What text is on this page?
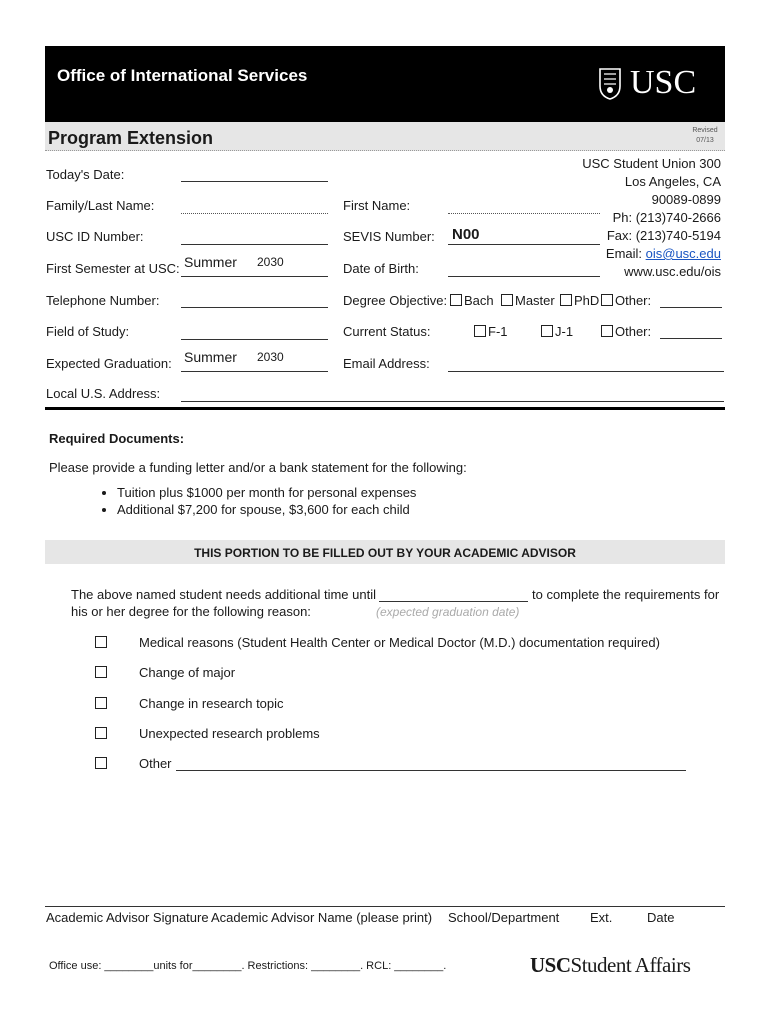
Office of International Services	USC
Program Extension	Revised
07/13
USC Student Union 300
Los Angeles, CA
90089-0899
Ph: (213)740-2666
Fax: (213)740-5194
Email: ois@usc.edu
www.usc.edu/ois
Today's Date:
Family/Last Name:	First Name:
USC ID Number:	SEVIS Number: N00
First Semester at USC: Summer 2030	Date of Birth:
Telephone Number:	Degree Objective:	Bach	Master	PhD	Other:
Field of Study:	Current Status:	F-1	J-1	Other:
Expected Graduation: Summer 2030	Email Address:
Local U.S. Address:
Required Documents:
Please provide a funding letter and/or a bank statement for the following:
• Tuition plus $1000 per month for personal expenses
• Additional $7,200 for spouse, $3,600 for each child
THIS PORTION TO BE FILLED OUT BY YOUR ACADEMIC ADVISOR
The above named student needs additional time until	to complete the requirements for
his or her degree for the following reason:	(expected graduation date)
Medical reasons (Student Health Center or Medical Doctor (M.D.) documentation required)
Change of major
Change in research topic
Unexpected research problems
Other
Academic Advisor Signature Academic Advisor Name (please print) School/Department Ext.	Date
Office use: ________units for________. Restrictions: ________. RCL: ________.	USCStudent Affairs
